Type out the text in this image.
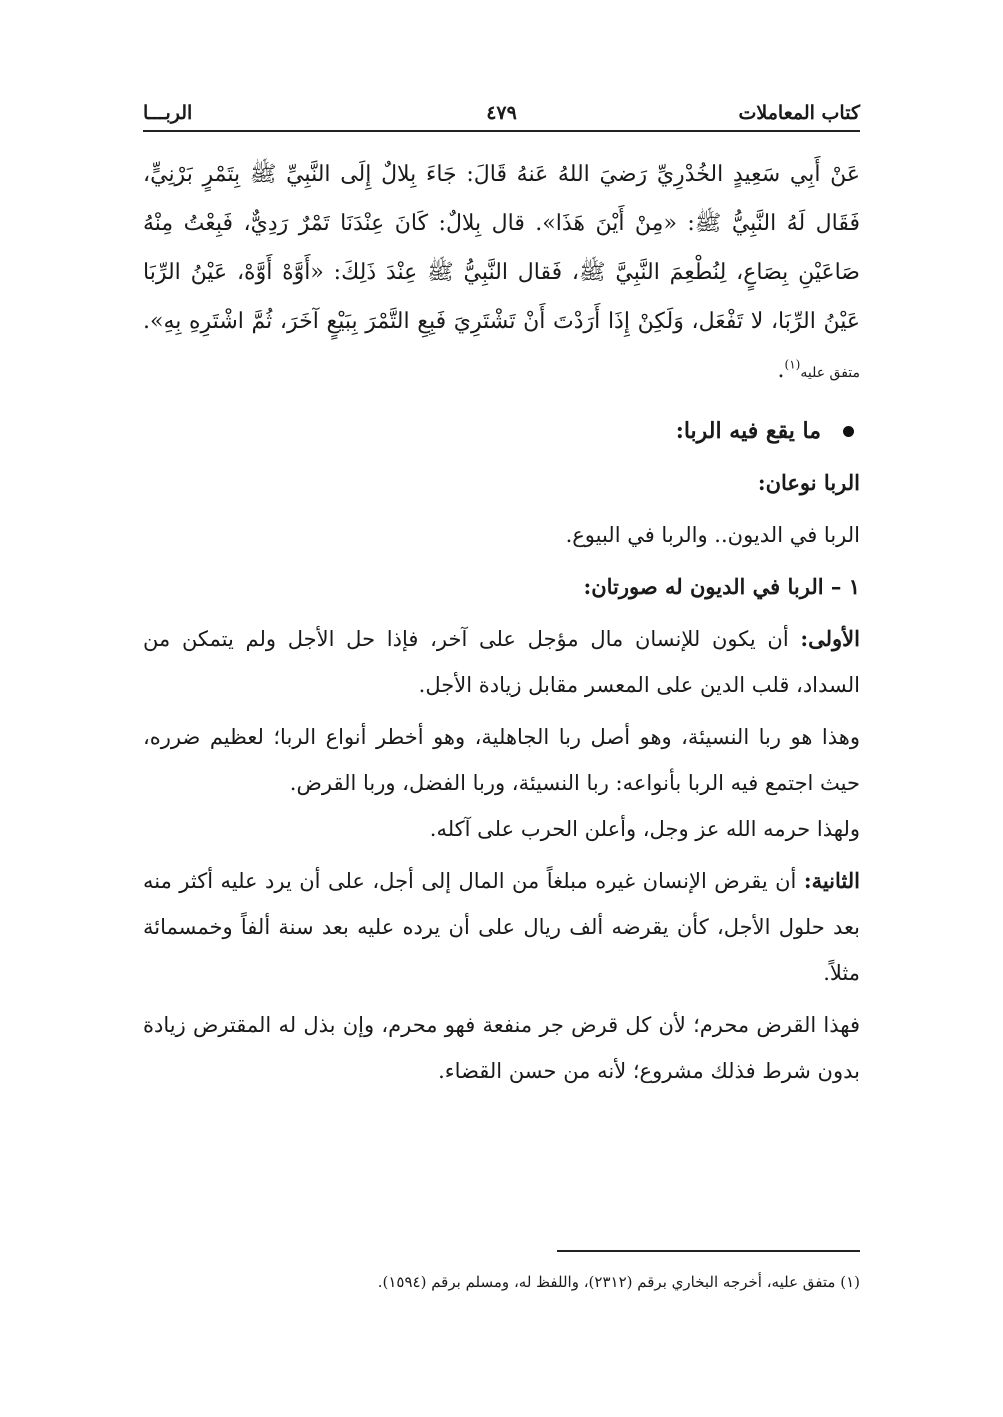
كتاب المعاملات
٤٧٩
الربـــا

عَنْ أَبِي سَعِيدٍ الخُدْرِيِّ رَضيَ اللهُ عَنهُ قَالَ: جَاءَ بِلالٌ إِلَى النَّبِيِّ ﷺ بِتَمْرٍ بَرْنِيٍّ، فَقَال لَهُ النَّبِيُّ ﷺ: «مِنْ أَيْنَ هَذَا». قال بِلالٌ: كَانَ عِنْدَنَا تَمْرٌ رَدِيٌّ، فَبِعْتُ مِنْهُ صَاعَيْنِ بِصَاعٍ، لِنُطْعِمَ النَّبِيَّ ﷺ، فَقال النَّبِيُّ ﷺ عِنْدَ ذَلِكَ: «أَوَّهْ أَوَّهْ، عَيْنُ الرِّبَا عَيْنُ الرِّبَا، لا تَفْعَل، وَلَكِنْ إِذَا أَرَدْتَ أَنْ تَشْتَرِيَ فَبِعِ التَّمْرَ بِبَيْعٍ آخَرَ، ثُمَّ اشْتَرِهِ بِهِ». متفق عليه$^{(١)}$.

ما يقع فيه الربا:

الربا نوعان:

الربا في الديون.. والربا في البيوع.

١ – الربا في الديون له صورتان:

الأولى: أن يكون للإنسان مال مؤجل على آخر، فإذا حل الأجل ولم يتمكن من السداد، قلب الدين على المعسر مقابل زيادة الأجل.

وهذا هو ربا النسيئة، وهو أصل ربا الجاهلية، وهو أخطر أنواع الربا؛ لعظيم ضرره، حيث اجتمع فيه الربا بأنواعه: ربا النسيئة، وربا الفضل، وربا القرض.

ولهذا حرمه الله عز وجل، وأعلن الحرب على آكله.

الثانية: أن يقرض الإنسان غيره مبلغاً من المال إلى أجل، على أن يرد عليه أكثر منه بعد حلول الأجل، كأن يقرضه ألف ريال على أن يرده عليه بعد سنة ألفاً وخمسمائة مثلاً.

فهذا القرض محرم؛ لأن كل قرض جر منفعة فهو محرم، وإن بذل له المقترض زيادة بدون شرط فذلك مشروع؛ لأنه من حسن القضاء.

(١) متفق عليه، أخرجه البخاري برقم (٢٣١٢)، واللفظ له، ومسلم برقم (١٥٩٤).
